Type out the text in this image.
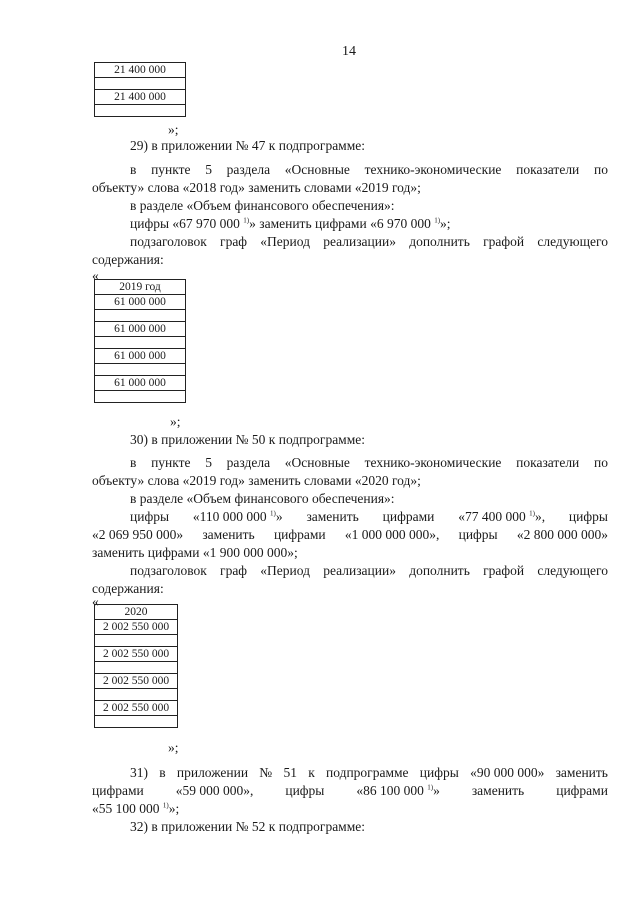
14
21 400 000

21 400 000

»;
29) в приложении № 47 к подпрограмме:
в пункте 5 раздела «Основные технико-экономические показатели по
объекту» слова «2018 год» заменить словами «2019 год»;
в разделе «Объем финансового обеспечения»:
цифры «67 970 000 $^{1)}$» заменить цифрами «6 970 000 $^{1)}$»;
подзаголовок граф «Период реализации» дополнить графой следующего
содержания:
«
2019 год
61 000 000

61 000 000

61 000 000

61 000 000

»;
30) в приложении № 50 к подпрограмме:
в пункте 5 раздела «Основные технико-экономические показатели по
объекту» слова «2019 год» заменить словами «2020 год»;
в разделе «Объем финансового обеспечения»:
цифры «110 000 000 $^{1)}$» заменить цифрами «77 400 000 $^{1)}$», цифры
«2 069 950 000» заменить цифрами «1 000 000 000», цифры «2 800 000 000»
заменить цифрами «1 900 000 000»;
подзаголовок граф «Период реализации» дополнить графой следующего
содержания:
«
2020
2 002 550 000

2 002 550 000

2 002 550 000

2 002 550 000

»;
31) в приложении № 51 к подпрограмме цифры «90 000 000» заменить
цифрами «59 000 000», цифры «86 100 000 $^{1)}$» заменить цифрами
«55 100 000 $^{1)}$»;
32) в приложении № 52 к подпрограмме:
